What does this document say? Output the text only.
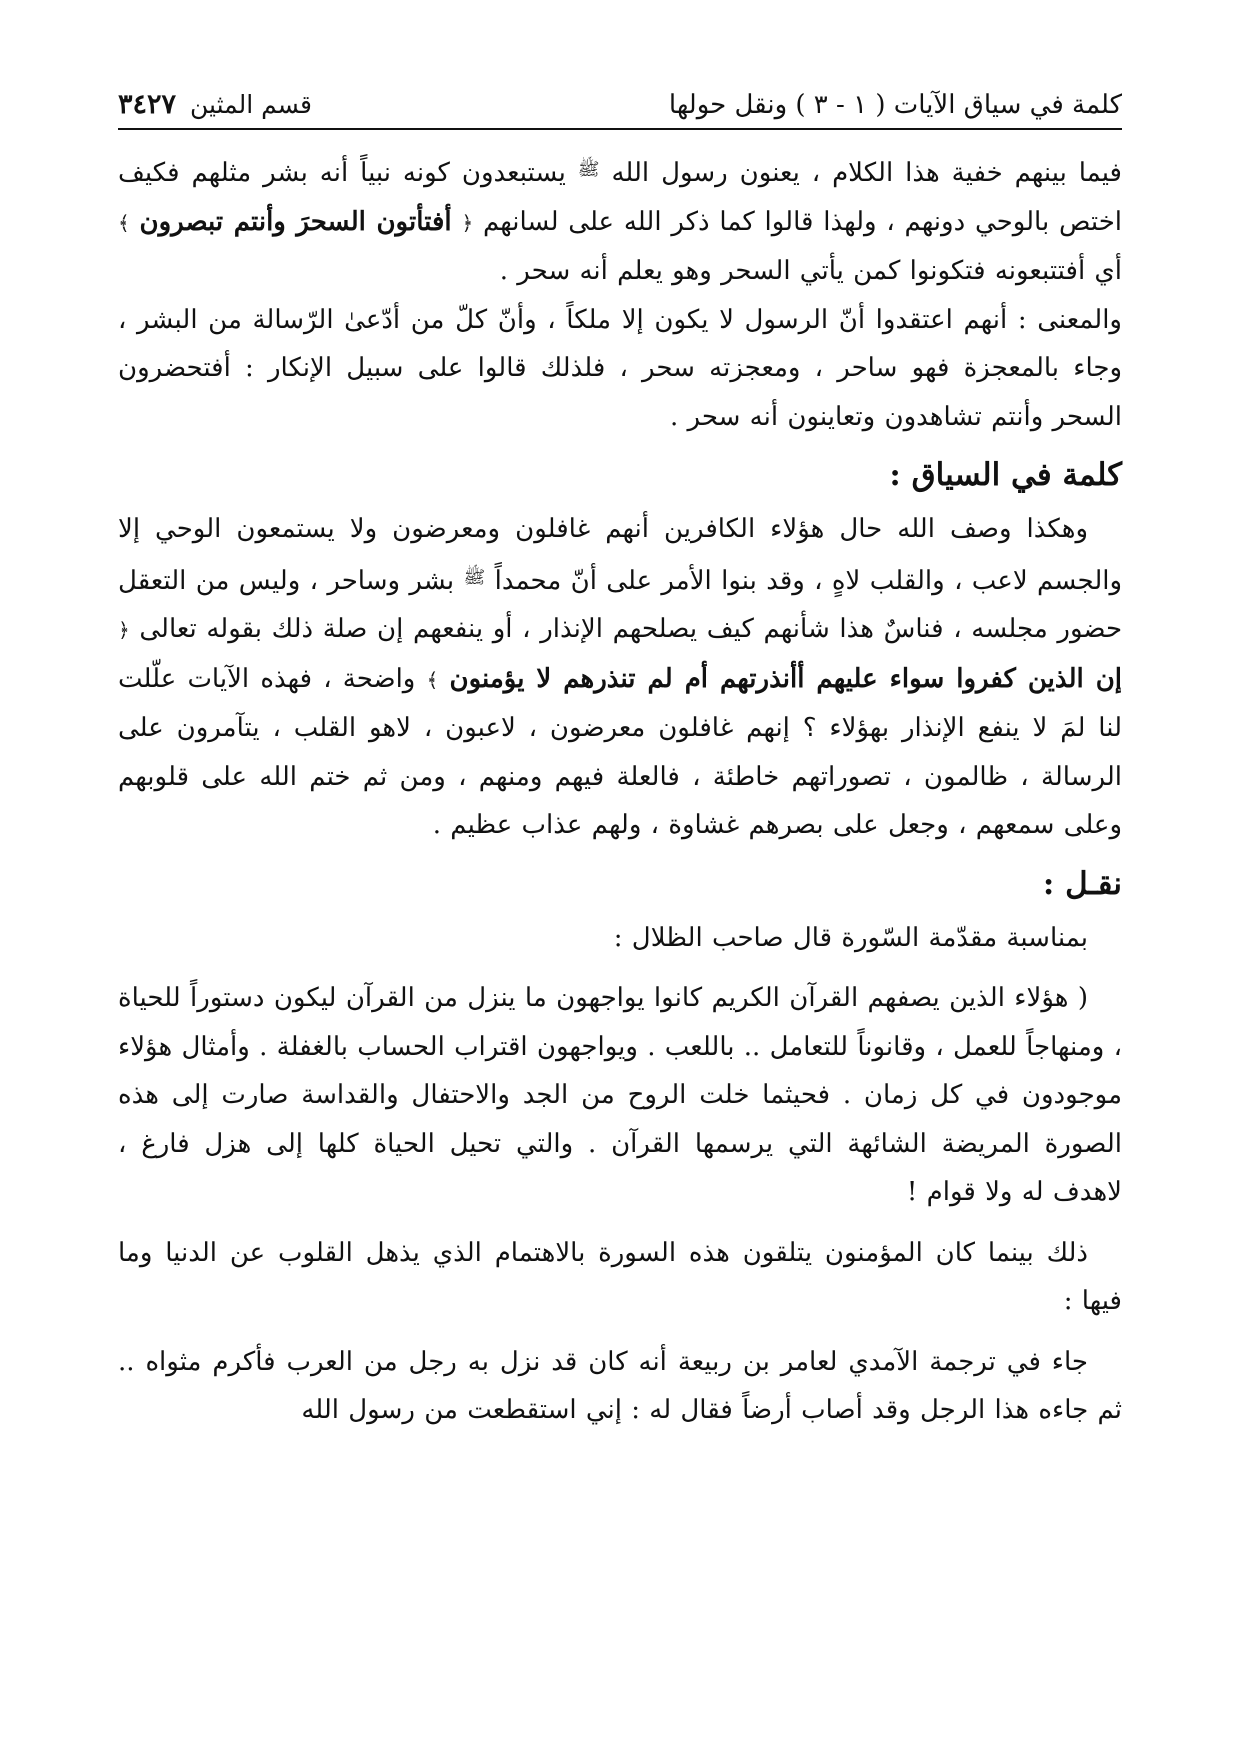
كلمة في سياق الآيات ( ١ - ٣ ) ونقل حولها
قسم المثين
٣٤٢٧

فيما بينهم خفية هذا الكلام ، يعنون رسول الله $^ﷺ$ يستبعدون كونه نبياً أنه بشر مثلهم فكيف اختص بالوحي دونهم ، ولهذا قالوا كما ذكر الله على لسانهم ﴿ أفتأتون السحرَ وأنتم تبصرون ﴾ أي أفتتبعونه فتكونوا كمن يأتي السحر وهو يعلم أنه سحر .

والمعنى : أنهم اعتقدوا أنّ الرسول لا يكون إلا ملكاً ، وأنّ كلّ من أدّعىٰ الرّسالة من البشر ، وجاء بالمعجزة فهو ساحر ، ومعجزته سحر ، فلذلك قالوا على سبيل الإنكار : أفتحضرون السحر وأنتم تشاهدون وتعاينون أنه سحر .

كلمة في السياق :

وهكذا وصف الله حال هؤلاء الكافرين أنهم غافلون ومعرضون ولا يستمعون الوحي إلا والجسم لاعب ، والقلب لاهٍ ، وقد بنوا الأمر على أنّ محمداً $^ﷺ$ بشر وساحر ، وليس من التعقل حضور مجلسه ، فناسٌ هذا شأنهم كيف يصلحهم الإنذار ، أو ينفعهم إن صلة ذلك بقوله تعالى ﴿ إن الذين كفروا سواء عليهم أأنذرتهم أم لم تنذرهم لا يؤمنون ﴾ واضحة ، فهذه الآيات علّلت لنا لمَ لا ينفع الإنذار بهؤلاء ؟ إنهم غافلون معرضون ، لاعبون ، لاهو القلب ، يتآمرون على الرسالة ، ظالمون ، تصوراتهم خاطئة ، فالعلة فيهم ومنهم ، ومن ثم ختم الله على قلوبهم وعلى سمعهم ، وجعل على بصرهم غشاوة ، ولهم عذاب عظيم .

نقـل :

بمناسبة مقدّمة السّورة قال صاحب الظلال :

( هؤلاء الذين يصفهم القرآن الكريم كانوا يواجهون ما ينزل من القرآن ليكون دستوراً للحياة ، ومنهاجاً للعمل ، وقانوناً للتعامل .. باللعب . ويواجهون اقتراب الحساب بالغفلة . وأمثال هؤلاء موجودون في كل زمان . فحيثما خلت الروح من الجد والاحتفال والقداسة صارت إلى هذه الصورة المريضة الشائهة التي يرسمها القرآن . والتي تحيل الحياة كلها إلى هزل فارغ ، لاهدف له ولا قوام !

ذلك بينما كان المؤمنون يتلقون هذه السورة بالاهتمام الذي يذهل القلوب عن الدنيا وما فيها :

جاء في ترجمة الآمدي لعامر بن ربيعة أنه كان قد نزل به رجل من العرب فأكرم مثواه .. ثم جاءه هذا الرجل وقد أصاب أرضاً فقال له : إني استقطعت من رسول الله
